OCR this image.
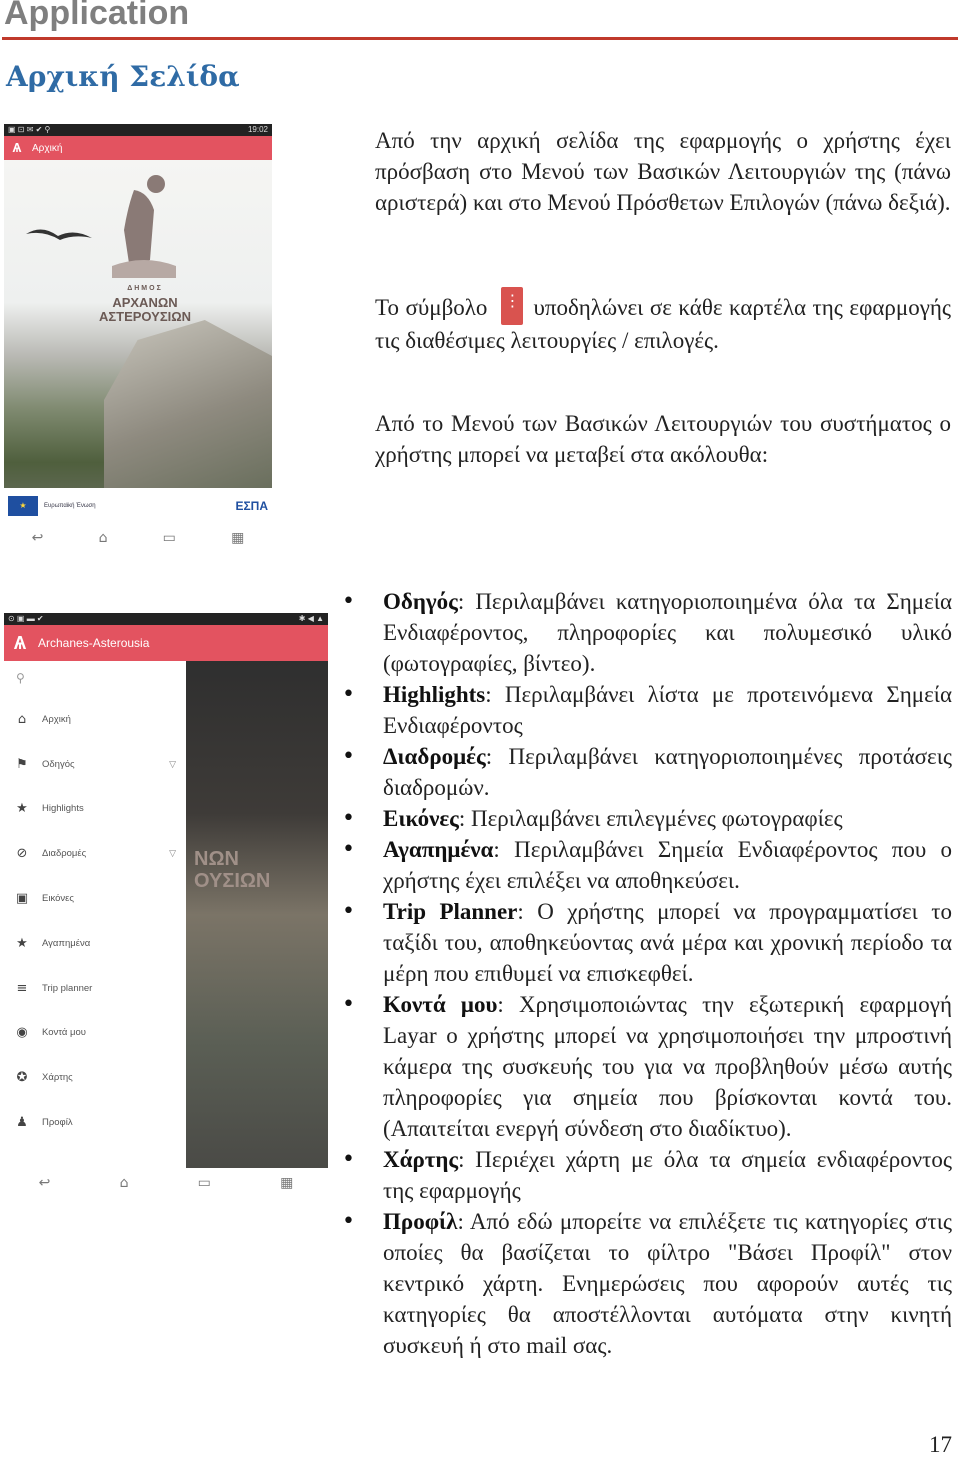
Application
Αρχική Σελίδα
Από την αρχική σελίδα της εφαρμογής ο χρήστης έχει πρόσβαση στο Μενού των Βασικών Λειτουργιών της (πάνω αριστερά) και στο Μενού Πρόσθετων Επιλογών (πάνω δεξιά).
Το σύμβολο⋮ υποδηλώνει σε κάθε καρτέλα της εφαρμογής τις διαθέσιμες λειτουργίες / επιλογές.
Από το Μενού των Βασικών Λειτουργιών του συστήματος ο χρήστης μπορεί να μεταβεί στα ακόλουθα:
▣ ⊡ ✉ ✔ ⚲	19:02
Ѧ Αρχική
ΔΗΜΟΣ
ΑΡΧΑΝΩΝ
ΑΣΤΕΡΟΥΣΙΩΝ
★	Ευρωπαϊκή Ένωση	ΕΣΠΑ
↩	⌂	▭	▦
⊙ ▣ ▬ ✔	✱ ◀ ▲
Ѧ	Archanes-Asterousia
ΝΩΝ
ΟΥΣΙΩΝ
⚲
⌂	Αρχική
⚑ Οδηγός	▽
★ Highlights
⊘ Διαδρομές	▽
▣ Εικόνες
★ Αγαπημένα
≡ Trip planner
◉ Κοντά μου
✪ Χάρτης
♟ Προφίλ
↩	⌂	▭	▦
• Οδηγός: Περιλαμβάνει κατηγοριοποιημένα όλα τα Σημεία Ενδιαφέροντος, πληροφορίες και πολυμεσικό υλικό (φωτογραφίες, βίντεο).
• Highlights: Περιλαμβάνει λίστα με προτεινόμενα Σημεία Ενδιαφέροντος
• Διαδρομές: Περιλαμβάνει κατηγοριοποιημένες προτάσεις διαδρομών.
• Εικόνες: Περιλαμβάνει επιλεγμένες φωτογραφίες
• Αγαπημένα: Περιλαμβάνει Σημεία Ενδιαφέροντος που ο χρήστης έχει επιλέξει να αποθηκεύσει.
• Trip Planner: Ο χρήστης μπορεί να προγραμματίσει το ταξίδι του, αποθηκεύοντας ανά μέρα και χρονική περίοδο τα μέρη που επιθυμεί να επισκεφθεί.
• Κοντά μου: Χρησιμοποιώντας την εξωτερική εφαρμογή Layar ο χρήστης μπορεί να χρησιμοποιήσει την μπροστινή κάμερα της συσκευής του για να προβληθούν μέσω αυτής πληροφορίες για σημεία που βρίσκονται κοντά του. (Απαιτείται ενεργή σύνδεση στο διαδίκτυο).
• Χάρτης: Περιέχει χάρτη με όλα τα σημεία ενδιαφέροντος της εφαρμογής
• Προφίλ: Από εδώ μπορείτε να επιλέξετε τις κατηγορίες στις οποίες θα βασίζεται το φίλτρο "Βάσει Προφίλ" στον κεντρικό χάρτη. Ενημερώσεις που αφορούν αυτές τις κατηγορίες θα αποστέλλονται αυτόματα στην κινητή συσκευή ή στο mail σας.
17
